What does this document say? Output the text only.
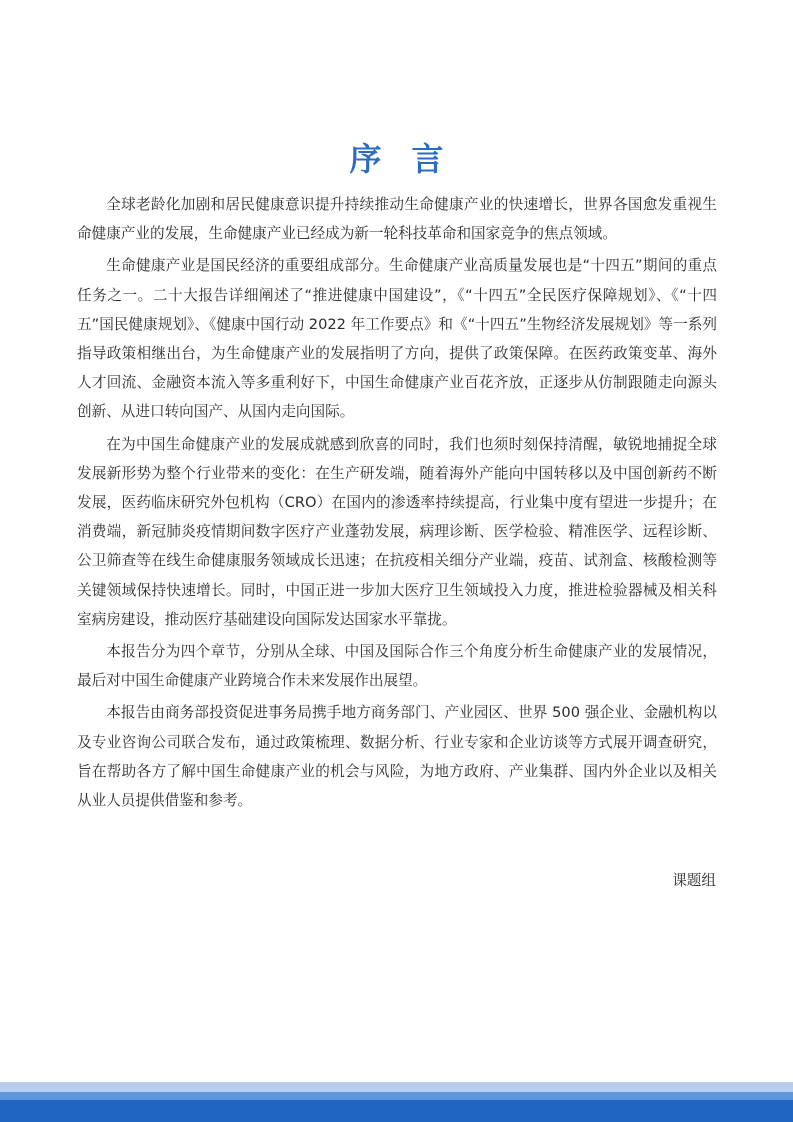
序言

全球老龄化加剧和居民健康意识提升持续推动生命健康产业的快速增长，世界各国愈发重视生命健康产业的发展，生命健康产业已经成为新一轮科技革命和国家竞争的焦点领域。

生命健康产业是国民经济的重要组成部分。生命健康产业高质量发展也是“十四五”期间的重点任务之一。二十大报告详细阐述了“推进健康中国建设”，《“十四五”全民医疗保障规划》、《“十四五”国民健康规划》、《健康中国行动 2022 年工作要点》和《“十四五”生物经济发展规划》等一系列指导政策相继出台，为生命健康产业的发展指明了方向，提供了政策保障。在医药政策变革、海外人才回流、金融资本流入等多重利好下，中国生命健康产业百花齐放，正逐步从仿制跟随走向源头创新、从进口转向国产、从国内走向国际。

在为中国生命健康产业的发展成就感到欣喜的同时，我们也须时刻保持清醒，敏锐地捕捉全球发展新形势为整个行业带来的变化：在生产研发端，随着海外产能向中国转移以及中国创新药不断发展，医药临床研究外包机构（CRO）在国内的渗透率持续提高，行业集中度有望进一步提升；在消费端，新冠肺炎疫情期间数字医疗产业蓬勃发展，病理诊断、医学检验、精准医学、远程诊断、公卫筛查等在线生命健康服务领域成长迅速；在抗疫相关细分产业端，疫苗、试剂盒、核酸检测等关键领域保持快速增长。同时，中国正进一步加大医疗卫生领域投入力度，推进检验器械及相关科室病房建设，推动医疗基础建设向国际发达国家水平靠拢。

本报告分为四个章节，分别从全球、中国及国际合作三个角度分析生命健康产业的发展情况，最后对中国生命健康产业跨境合作未来发展作出展望。

本报告由商务部投资促进事务局携手地方商务部门、产业园区、世界 500 强企业、金融机构以及专业咨询公司联合发布，通过政策梳理、数据分析、行业专家和企业访谈等方式展开调查研究，旨在帮助各方了解中国生命健康产业的机会与风险，为地方政府、产业集群、国内外企业以及相关从业人员提供借鉴和参考。

课题组
